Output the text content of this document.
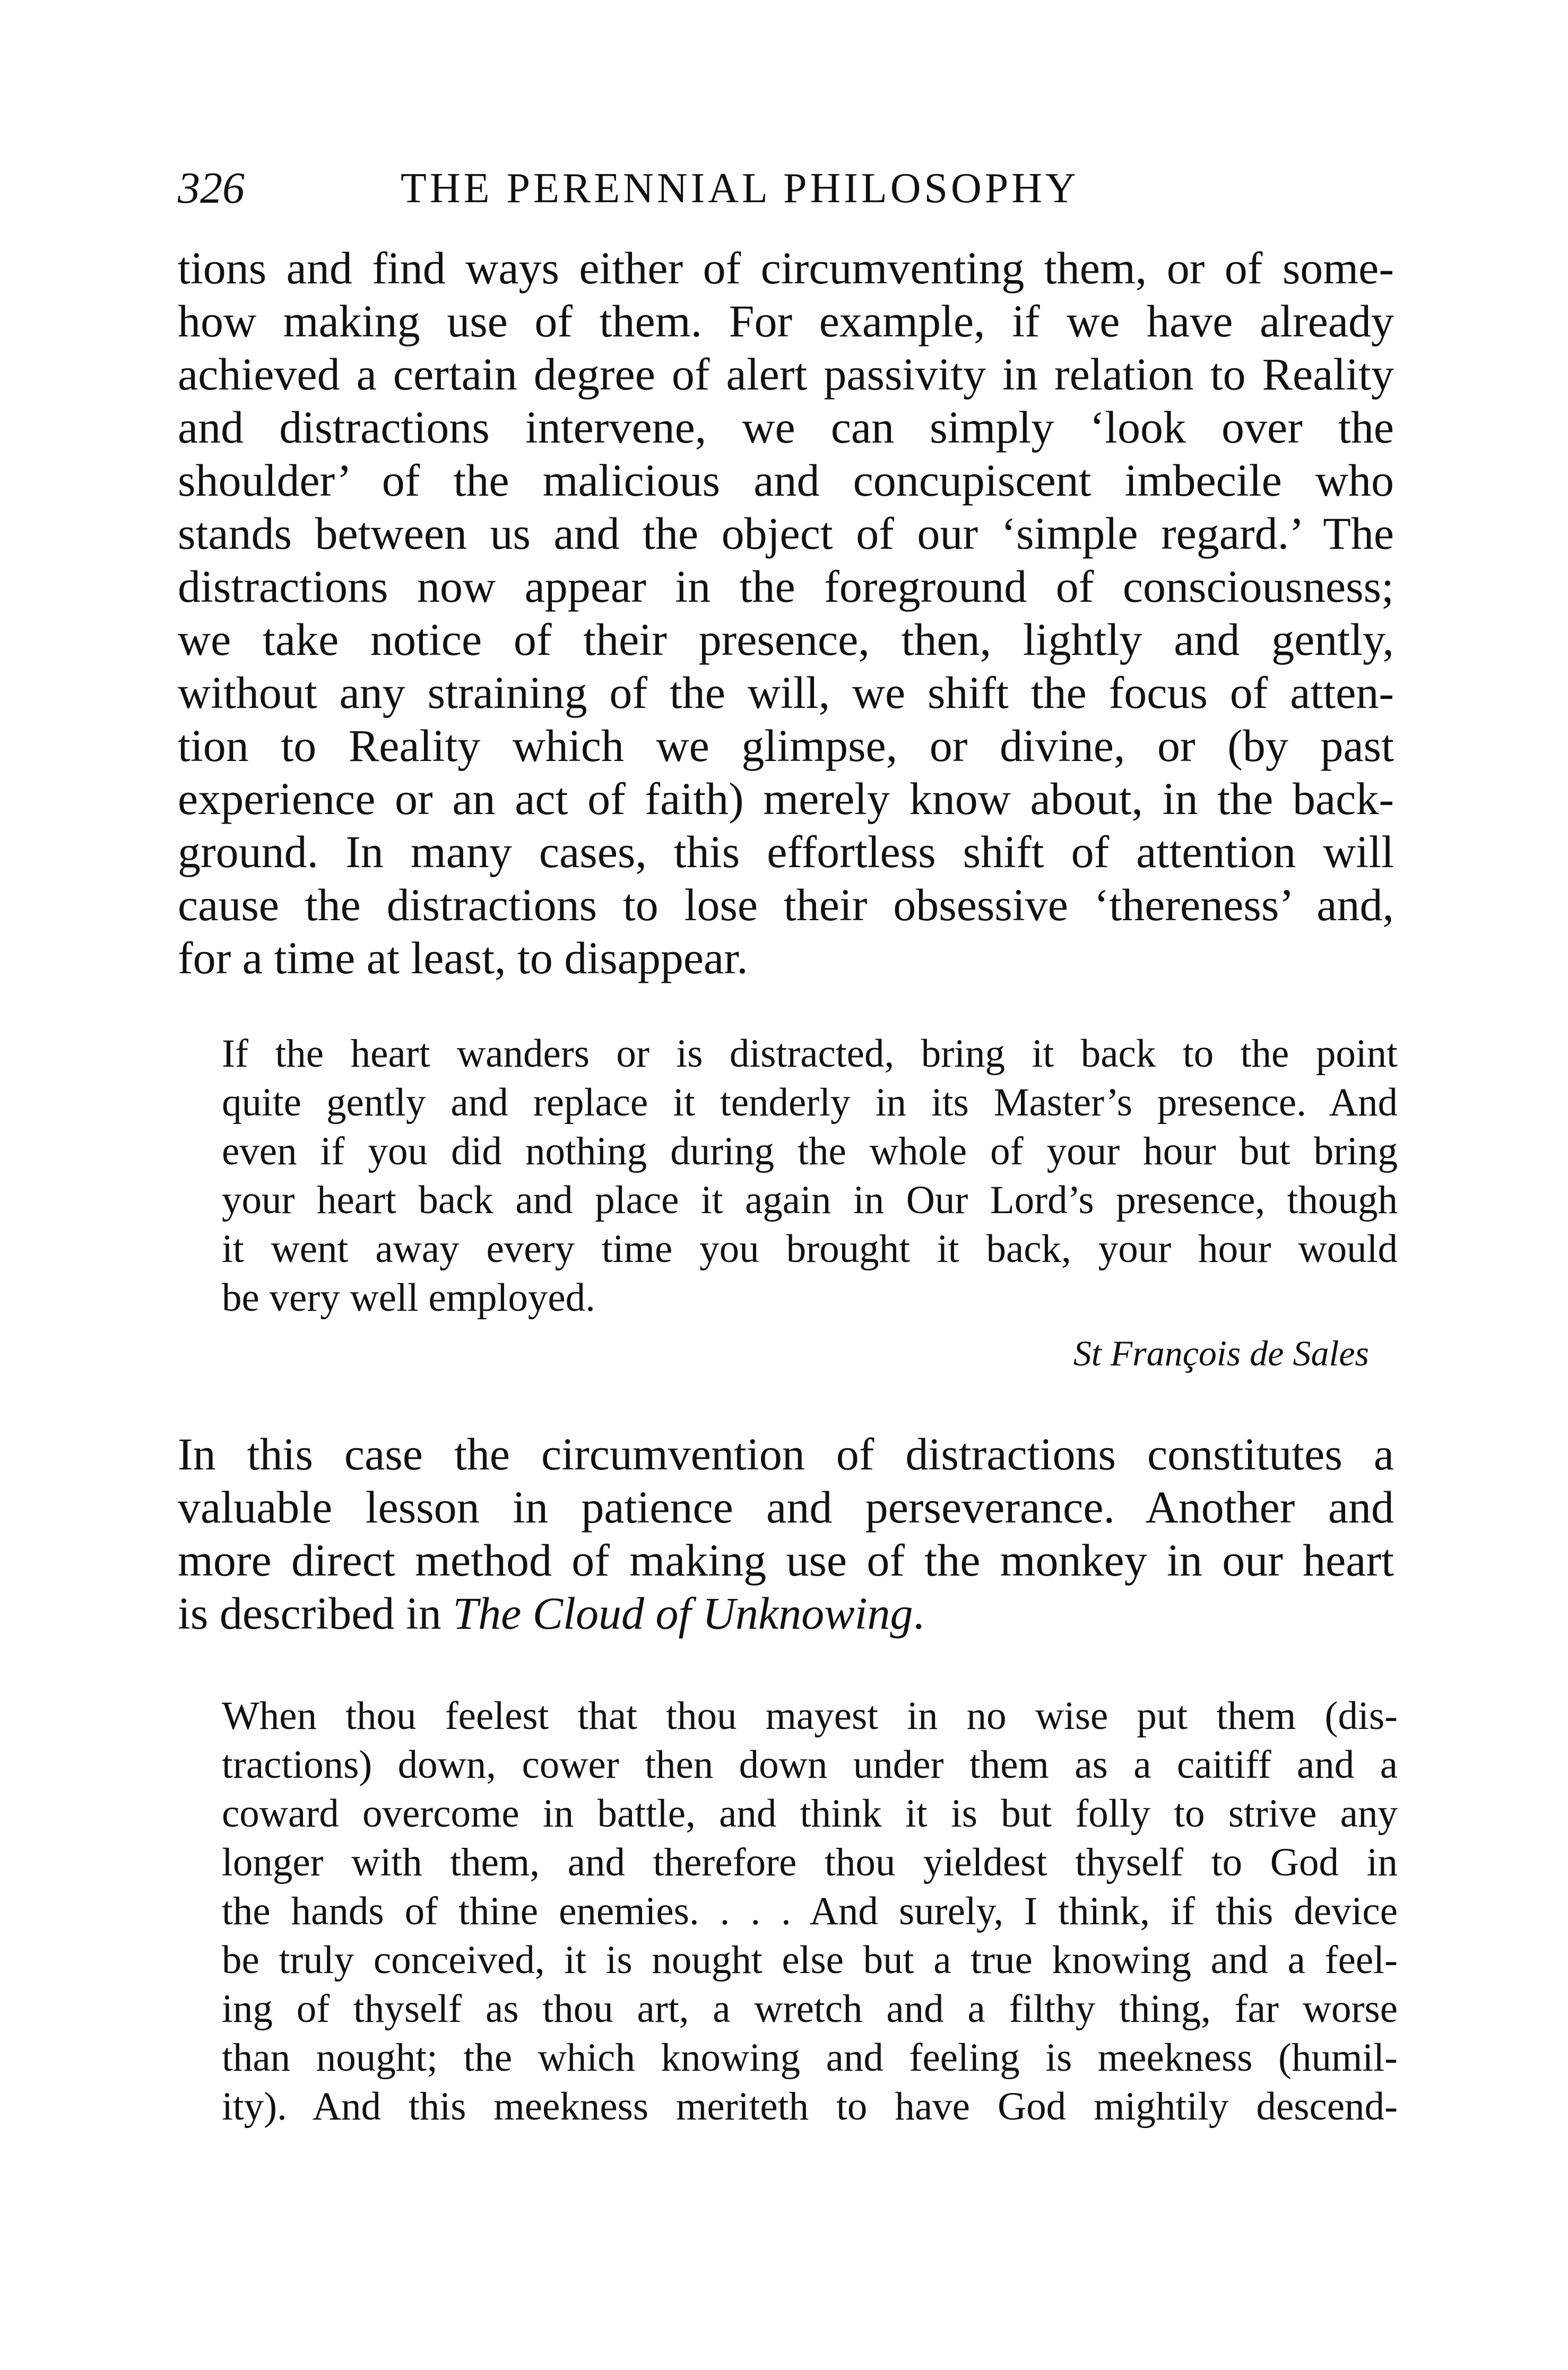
326	THE PERENNIAL PHILOSOPHY
tions and find ways either of circumventing them, or of some-
how making use of them. For example, if we have already
achieved a certain degree of alert passivity in relation to Reality
and distractions intervene, we can simply ‘look over the
shoulder’ of the malicious and concupiscent imbecile who
stands between us and the object of our ‘simple regard.’ The
distractions now appear in the foreground of consciousness;
we take notice of their presence, then, lightly and gently,
without any straining of the will, we shift the focus of atten-
tion to Reality which we glimpse, or divine, or (by past
experience or an act of faith) merely know about, in the back-
ground. In many cases, this effortless shift of attention will
cause the distractions to lose their obsessive ‘thereness’ and,
for a time at least, to disappear.
If the heart wanders or is distracted, bring it back to the point
quite gently and replace it tenderly in its Master’s presence. And
even if you did nothing during the whole of your hour but bring
your heart back and place it again in Our Lord’s presence, though
it went away every time you brought it back, your hour would
be very well employed.
St François de Sales
In this case the circumvention of distractions constitutes a
valuable lesson in patience and perseverance. Another and
more direct method of making use of the monkey in our heart
is described in The Cloud of Unknowing.
When thou feelest that thou mayest in no wise put them (dis-
tractions) down, cower then down under them as a caitiff and a
coward overcome in battle, and think it is but folly to strive any
longer with them, and therefore thou yieldest thyself to God in
the hands of thine enemies. . . . And surely, I think, if this device
be truly conceived, it is nought else but a true knowing and a feel-
ing of thyself as thou art, a wretch and a filthy thing, far worse
than nought; the which knowing and feeling is meekness (humil-
ity). And this meekness meriteth to have God mightily descend-
